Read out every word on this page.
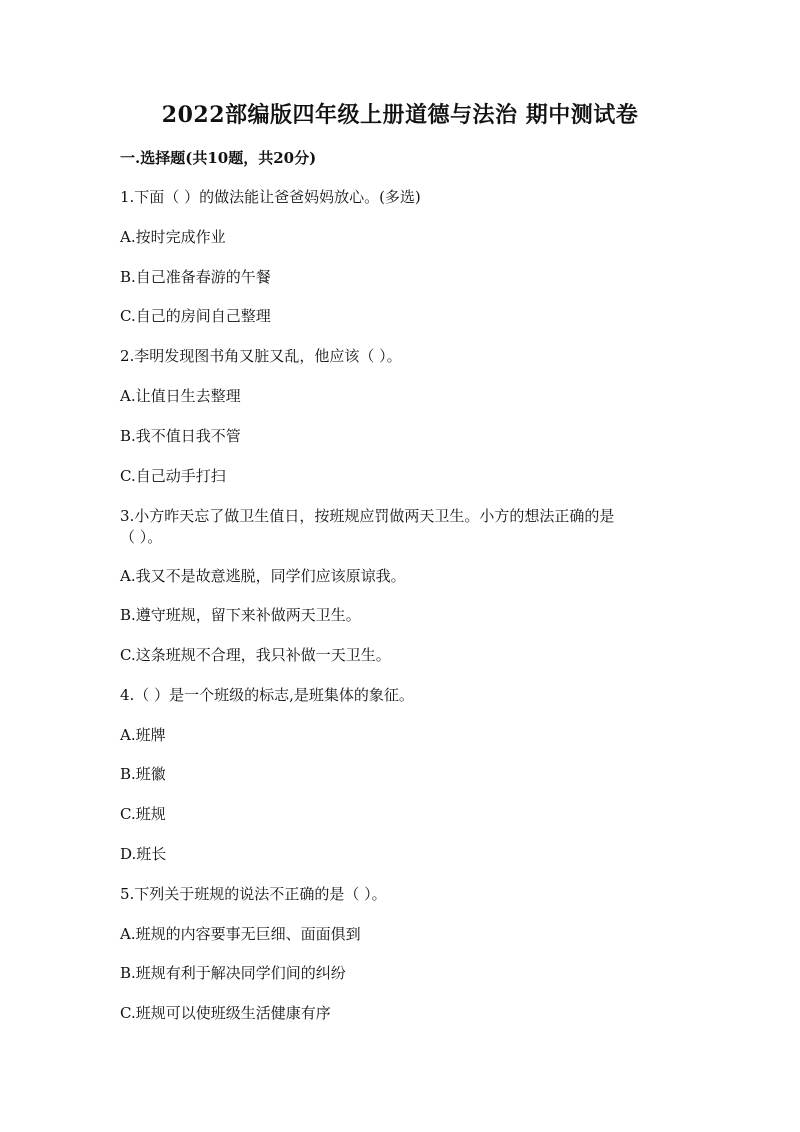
2022部编版四年级上册道德与法治 期中测试卷
一.选择题(共10题，共20分)
1.下面（ ）的做法能让爸爸妈妈放心。(多选)
A.按时完成作业
B.自己准备春游的午餐
C.自己的房间自己整理
2.李明发现图书角又脏又乱，他应该（ ）。
A.让值日生去整理
B.我不值日我不管
C.自己动手打扫
3.小方昨天忘了做卫生值日，按班规应罚做两天卫生。小方的想法正确的是
（ ）。
A.我又不是故意逃脱，同学们应该原谅我。
B.遵守班规，留下来补做两天卫生。
C.这条班规不合理，我只补做一天卫生。
4.（ ）是一个班级的标志,是班集体的象征。
A.班牌
B.班徽
C.班规
D.班长
5.下列关于班规的说法不正确的是（ ）。
A.班规的内容要事无巨细、面面俱到
B.班规有利于解决同学们间的纠纷
C.班规可以使班级生活健康有序
